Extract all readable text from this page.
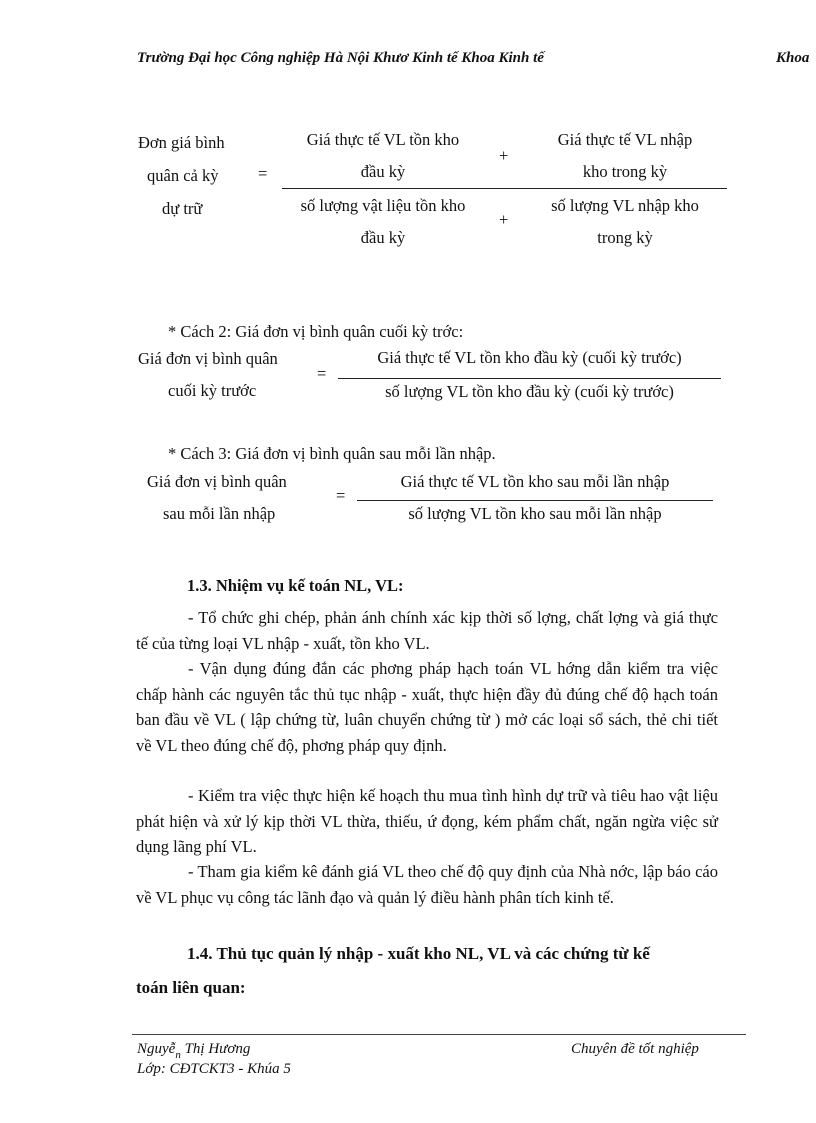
Trường Đại học Công nghiệp Hà Nội Khươ Kinh tế Khoa Kinh tế	Khoa
Đơn giá bình
quân cả kỳ
dự trữ
=
Giá thực tế VL tồn kho
đầu kỳ
+
Giá thực tế VL nhập
kho trong kỳ
số lượng vật liệu tồn kho
đầu kỳ
+
số lượng VL nhập kho
trong kỳ
* Cách 2: Giá đơn vị bình quân cuối kỳ trớc:
Giá đơn vị bình quân
cuối kỳ trước
=
Giá thực tế VL tồn kho đầu kỳ (cuối kỳ trước)
số lượng VL tồn kho đầu kỳ (cuối kỳ trước)
* Cách 3: Giá đơn vị bình quân sau mỗi lần nhập.
Giá đơn vị bình quân
sau mỗi lần nhập
=
Giá thực tế VL tồn kho sau mỗi lần nhập
số lượng VL tồn kho sau mỗi lần nhập
1.3. Nhiệm vụ kế toán NL, VL:
- Tổ chức ghi chép, phản ánh chính xác kịp thời số lợng, chất lợng và giá thực tế của từng loại VL nhập - xuất, tồn kho VL.
- Vận dụng đúng đắn các phơng pháp hạch toán VL hớng dẫn kiểm tra việc chấp hành các nguyên tắc thủ tục nhập - xuất, thực hiện đầy đủ đúng chế độ hạch toán ban đầu về VL ( lập chứng từ, luân chuyển chứng từ ) mở các loại sổ sách, thẻ chi tiết về VL theo đúng chế độ, phơng pháp quy định.
- Kiểm tra việc thực hiện kế hoạch thu mua tình hình dự trữ và tiêu hao vật liệu phát hiện và xử lý kịp thời VL thừa, thiếu, ứ đọng, kém phẩm chất, ngăn ngừa việc sử dụng lãng phí VL.
- Tham gia kiểm kê đánh giá VL theo chế độ quy định của Nhà nớc, lập báo cáo về VL phục vụ công tác lãnh đạo và quản lý điều hành phân tích kinh tế.
1.4. Thủ tục quản lý nhập - xuất kho NL, VL và các chứng từ kế
toán liên quan:
Nguyễ$_n$ Thị Hương
Lớp: CĐTCKT3 - Khúa 5
Chuyên đề tốt nghiệp
